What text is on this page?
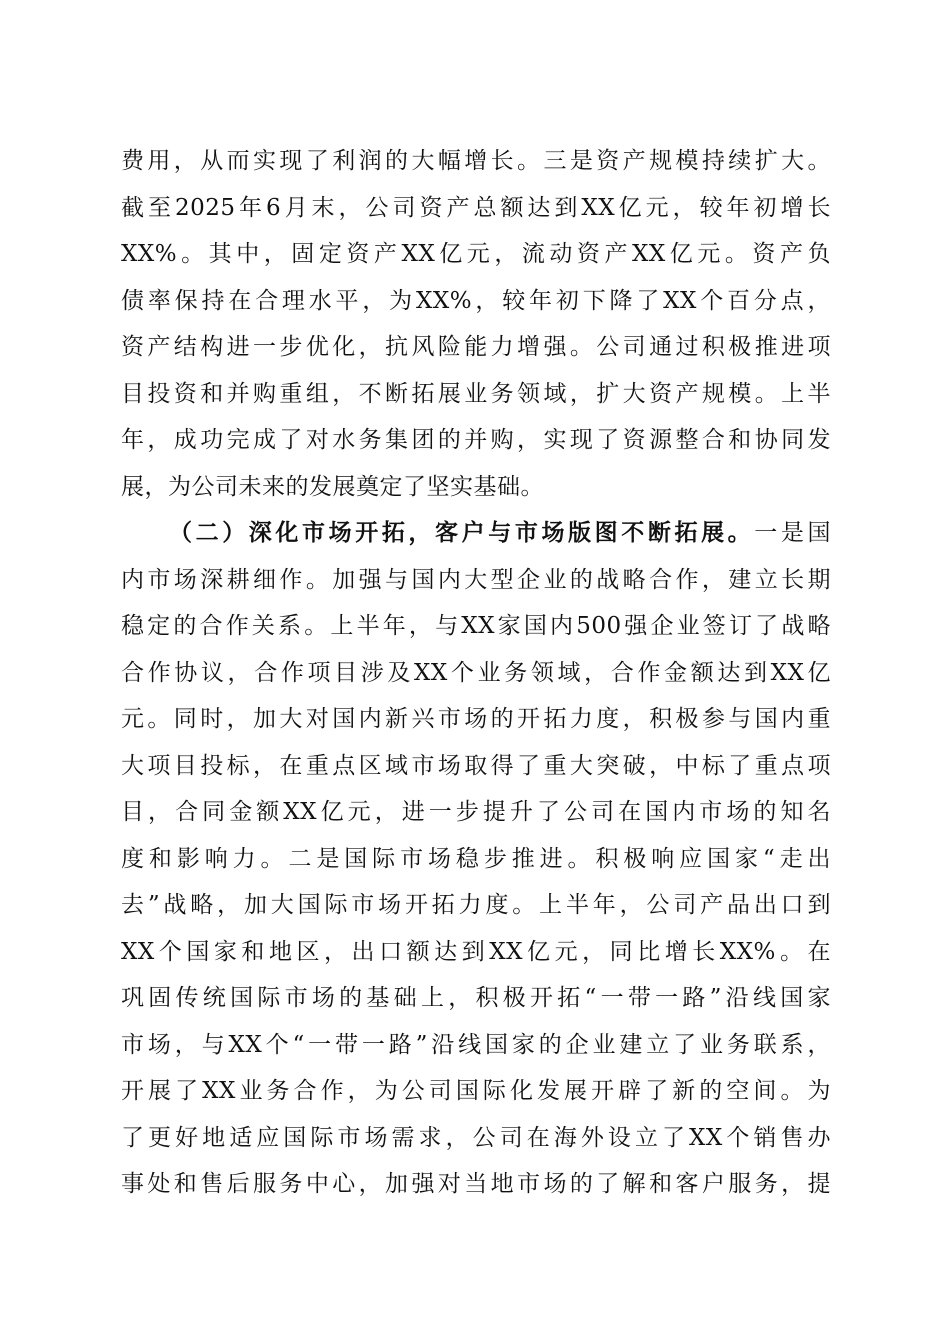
费用，从而实现了利润的大幅增长。三是资产规模持续扩大。
截至2025年6月末，公司资产总额达到XX亿元，较年初增长
XX%。其中，固定资产XX亿元，流动资产XX亿元。资产负
债率保持在合理水平，为XX%，较年初下降了XX个百分点，
资产结构进一步优化，抗风险能力增强。公司通过积极推进项
目投资和并购重组，不断拓展业务领域，扩大资产规模。上半
年，成功完成了对水务集团的并购，实现了资源整合和协同发
展，为公司未来的发展奠定了坚实基础。
（二）深化市场开拓，客户与市场版图不断拓展。一是国
内市场深耕细作。加强与国内大型企业的战略合作，建立长期
稳定的合作关系。上半年，与XX家国内500强企业签订了战略
合作协议，合作项目涉及XX个业务领域，合作金额达到XX亿
元。同时，加大对国内新兴市场的开拓力度，积极参与国内重
大项目投标，在重点区域市场取得了重大突破，中标了重点项
目，合同金额XX亿元，进一步提升了公司在国内市场的知名
度和影响力。二是国际市场稳步推进。积极响应国家“走出
去”战略，加大国际市场开拓力度。上半年，公司产品出口到
XX个国家和地区，出口额达到XX亿元，同比增长XX%。在
巩固传统国际市场的基础上，积极开拓“一带一路”沿线国家
市场，与XX个“一带一路”沿线国家的企业建立了业务联系，
开展了XX业务合作，为公司国际化发展开辟了新的空间。为
了更好地适应国际市场需求，公司在海外设立了XX个销售办
事处和售后服务中心，加强对当地市场的了解和客户服务，提
